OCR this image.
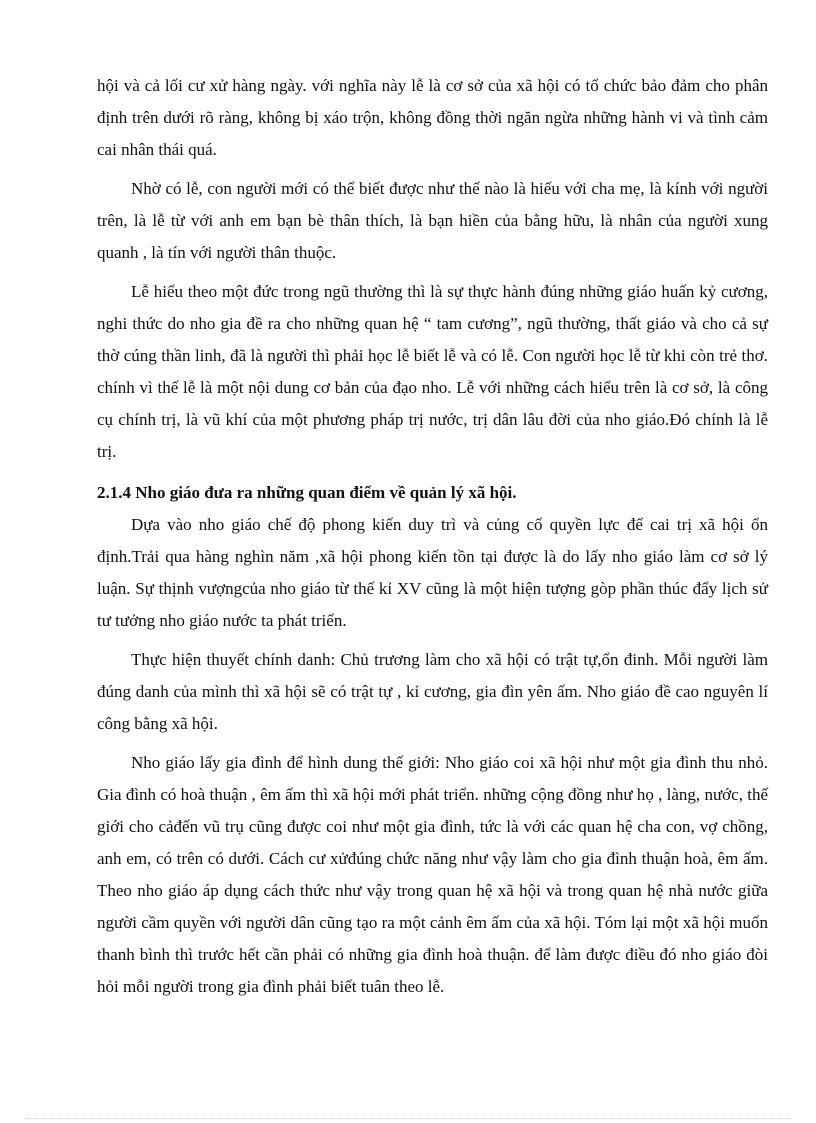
hội và cả lối cư xử hàng ngày. với nghĩa này lễ là cơ sở của xã hội có tổ chức bảo đảm cho phân định trên dưới rõ ràng, không bị xáo trộn, không đồng thời ngăn ngừa những hành vi và tình cảm cai nhân thái quá.

Nhờ có lễ, con người mới có thể biết được như thế nào là hiếu với cha mẹ, là kính với người trên, là lễ từ với anh em bạn bè thân thích, là bạn hiền của bằng hữu, là nhân của người xung quanh , là tín với người thân thuộc.

Lễ hiểu theo một đức trong ngũ thường thì là sự thực hành đúng những giáo huấn kỷ cương, nghi thức do nho gia đề ra cho những quan hệ “ tam cương”, ngũ thường, thất giáo và cho cả sự thờ cúng thần linh, đã là người thì phải học lễ biết lễ và có lễ. Con người học lễ từ khi còn trẻ thơ. chính vì thế lễ là một nội dung cơ bản của đạo nho. Lễ với những cách hiểu trên là cơ sở, là công cụ chính trị, là vũ khí của một phương pháp trị nước, trị dân lâu đời của nho giáo.Đó chính là lễ trị.

2.1.4 Nho giáo đưa ra những quan điểm về quản lý xã hội.

Dựa vào nho giáo chế độ phong kiến duy trì và củng cố quyền lực để cai trị xã hội ổn định.Trải qua hàng nghìn năm ,xã hội phong kiến tồn tại được là do lấy nho giáo làm cơ sở lý luận. Sự thịnh vượngcủa nho giáo từ thế kỉ XV cũng là một hiện tượng gòp phần thúc đẩy lịch sử tư tưởng nho giáo nước ta phát triển.

Thực hiện thuyết chính danh: Chủ trương làm cho xã hội có trật tự,ổn đinh. Mỗi người làm đúng danh của mình thì xã hội sẽ có trật tự , kỉ cương, gia đìn yên ấm. Nho giáo đề cao nguyên lí công bằng xã hội.

Nho giáo lấy gia đình để hình dung thế giới: Nho giáo coi xã hội như một gia đình thu nhỏ. Gia đình có hoà thuận , êm ấm thì xã hội mới phát triển. những cộng đồng như họ , làng, nước, thế giới cho cảđến vũ trụ cũng được coi như một gia đình, tức là với các quan hệ cha con, vợ chồng, anh em, có trên có dưới. Cách cư xửđúng chức năng như vậy làm cho gia đình thuận hoà, êm ấm. Theo nho giáo áp dụng cách thức như vậy trong quan hệ xã hội và trong quan hệ nhà nước giữa người cầm quyền với người dân cũng tạo ra một cảnh êm ấm của xã hội. Tóm lại một xã hội muốn thanh bình thì trước hết cần phải có những gia đình hoà thuận. để làm được điều đó nho giáo đòi hỏi mỗi người trong gia đình phải biết tuân theo lễ.
